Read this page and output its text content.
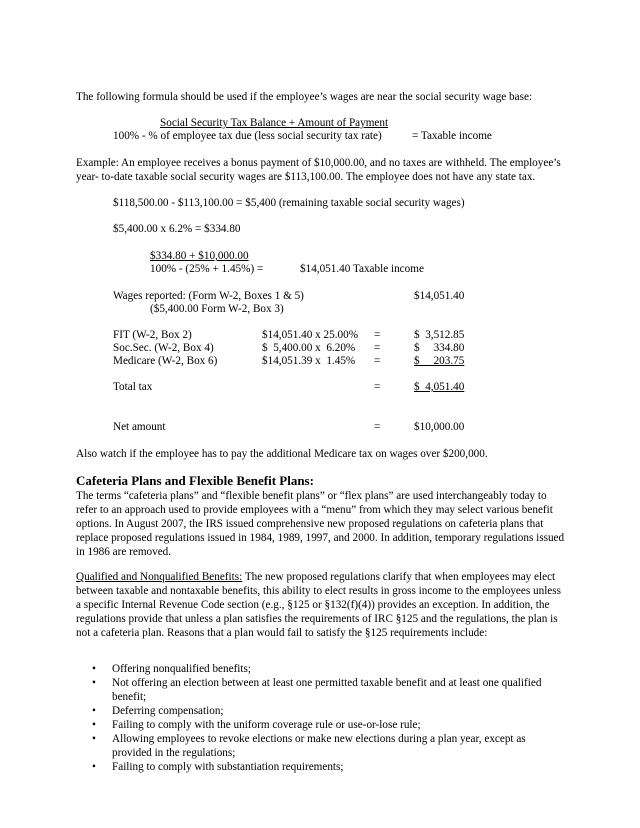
The following formula should be used if the employee’s wages are near the social security wage base:
Social Security Tax Balance + Amount of Payment
100% - % of employee tax due (less social security tax rate)	= Taxable income
Example: An employee receives a bonus payment of $10,000.00, and no taxes are withheld. The employee’s year- to-date taxable social security wages are $113,100.00. The employee does not have any state tax.
$118,500.00 - $113,100.00 = $5,400 (remaining taxable social security wages)
$5,400.00 x 6.2% = $334.80
$334.80 + $10,000.00
100% - (25% + 1.45%) =	$14,051.40 Taxable income
Wages reported: (Form W-2, Boxes 1 & 5)	$14,051.40
($5,400.00 Form W-2, Box 3)
FIT (W-2, Box 2)	$14,051.40 x 25.00% =	$  3,512.85
Soc.Sec. (W-2, Box 4)	$  5,400.00 x  6.20% =	$     334.80
Medicare (W-2, Box 6)	$14,051.39 x  1.45% =	$     203.75
Total tax	=	$  4,051.40
Net amount	=	$10,000.00
Also watch if the employee has to pay the additional Medicare tax on wages over $200,000.
Cafeteria Plans and Flexible Benefit Plans:
The terms “cafeteria plans” and “flexible benefit plans” or “flex plans” are used interchangeably today to refer to an approach used to provide employees with a “menu” from which they may select various benefit options. In August 2007, the IRS issued comprehensive new proposed regulations on cafeteria plans that replace proposed regulations issued in 1984, 1989, 1997, and 2000. In addition, temporary regulations issued in 1986 are removed.
Qualified and Nonqualified Benefits: The new proposed regulations clarify that when employees may elect between taxable and nontaxable benefits, this ability to elect results in gross income to the employees unless a specific Internal Revenue Code section (e.g., §125 or §132(f)(4)) provides an exception. In addition, the regulations provide that unless a plan satisfies the requirements of IRC §125 and the regulations, the plan is not a cafeteria plan. Reasons that a plan would fail to satisfy the §125 requirements include:
• Offering nonqualified benefits;
• Not offering an election between at least one permitted taxable benefit and at least one qualified benefit;
• Deferring compensation;
• Failing to comply with the uniform coverage rule or use-or-lose rule;
• Allowing employees to revoke elections or make new elections during a plan year, except as provided in the regulations;
• Failing to comply with substantiation requirements;
